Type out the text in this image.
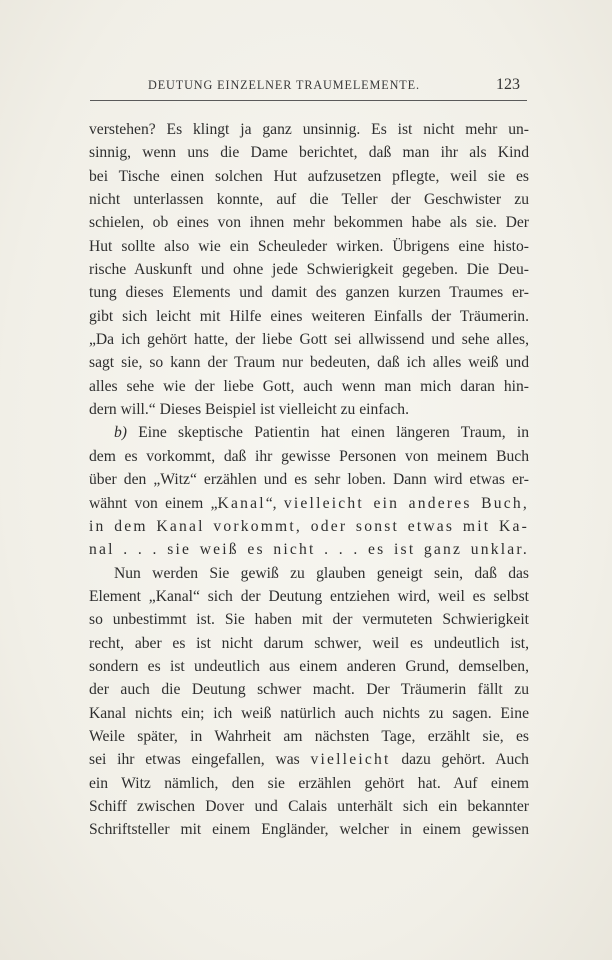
DEUTUNG EINZELNER TRAUMELEMENTE.	123
verstehen? Es klingt ja ganz unsinnig. Es ist nicht mehr un-
sinnig, wenn uns die Dame berichtet, daß man ihr als Kind
bei Tische einen solchen Hut aufzusetzen pflegte, weil sie es
nicht unterlassen konnte, auf die Teller der Geschwister zu
schielen, ob eines von ihnen mehr bekommen habe als sie. Der
Hut sollte also wie ein Scheuleder wirken. Übrigens eine histo-
rische Auskunft und ohne jede Schwierigkeit gegeben. Die Deu-
tung dieses Elements und damit des ganzen kurzen Traumes er-
gibt sich leicht mit Hilfe eines weiteren Einfalls der Träumerin.
„Da ich gehört hatte, der liebe Gott sei allwissend und sehe alles,
sagt sie, so kann der Traum nur bedeuten, daß ich alles weiß und
alles sehe wie der liebe Gott, auch wenn man mich daran hin-
dern will.“ Dieses Beispiel ist vielleicht zu einfach.
b) Eine skeptische Patientin hat einen längeren Traum, in
dem es vorkommt, daß ihr gewisse Personen von meinem Buch
über den „Witz“ erzählen und es sehr loben. Dann wird etwas er-
wähnt von einem „Kanal“, vielleicht ein anderes Buch,
in dem Kanal vorkommt, oder sonst etwas mit Ka-
nal . . . sie weiß es nicht . . . es ist ganz unklar.
Nun werden Sie gewiß zu glauben geneigt sein, daß das
Element „Kanal“ sich der Deutung entziehen wird, weil es selbst
so unbestimmt ist. Sie haben mit der vermuteten Schwierigkeit
recht, aber es ist nicht darum schwer, weil es undeutlich ist,
sondern es ist undeutlich aus einem anderen Grund, demselben,
der auch die Deutung schwer macht. Der Träumerin fällt zu
Kanal nichts ein; ich weiß natürlich auch nichts zu sagen. Eine
Weile später, in Wahrheit am nächsten Tage, erzählt sie, es
sei ihr etwas eingefallen, was vielleicht dazu gehört. Auch
ein Witz nämlich, den sie erzählen gehört hat. Auf einem
Schiff zwischen Dover und Calais unterhält sich ein bekannter
Schriftsteller mit einem Engländer, welcher in einem gewissen
